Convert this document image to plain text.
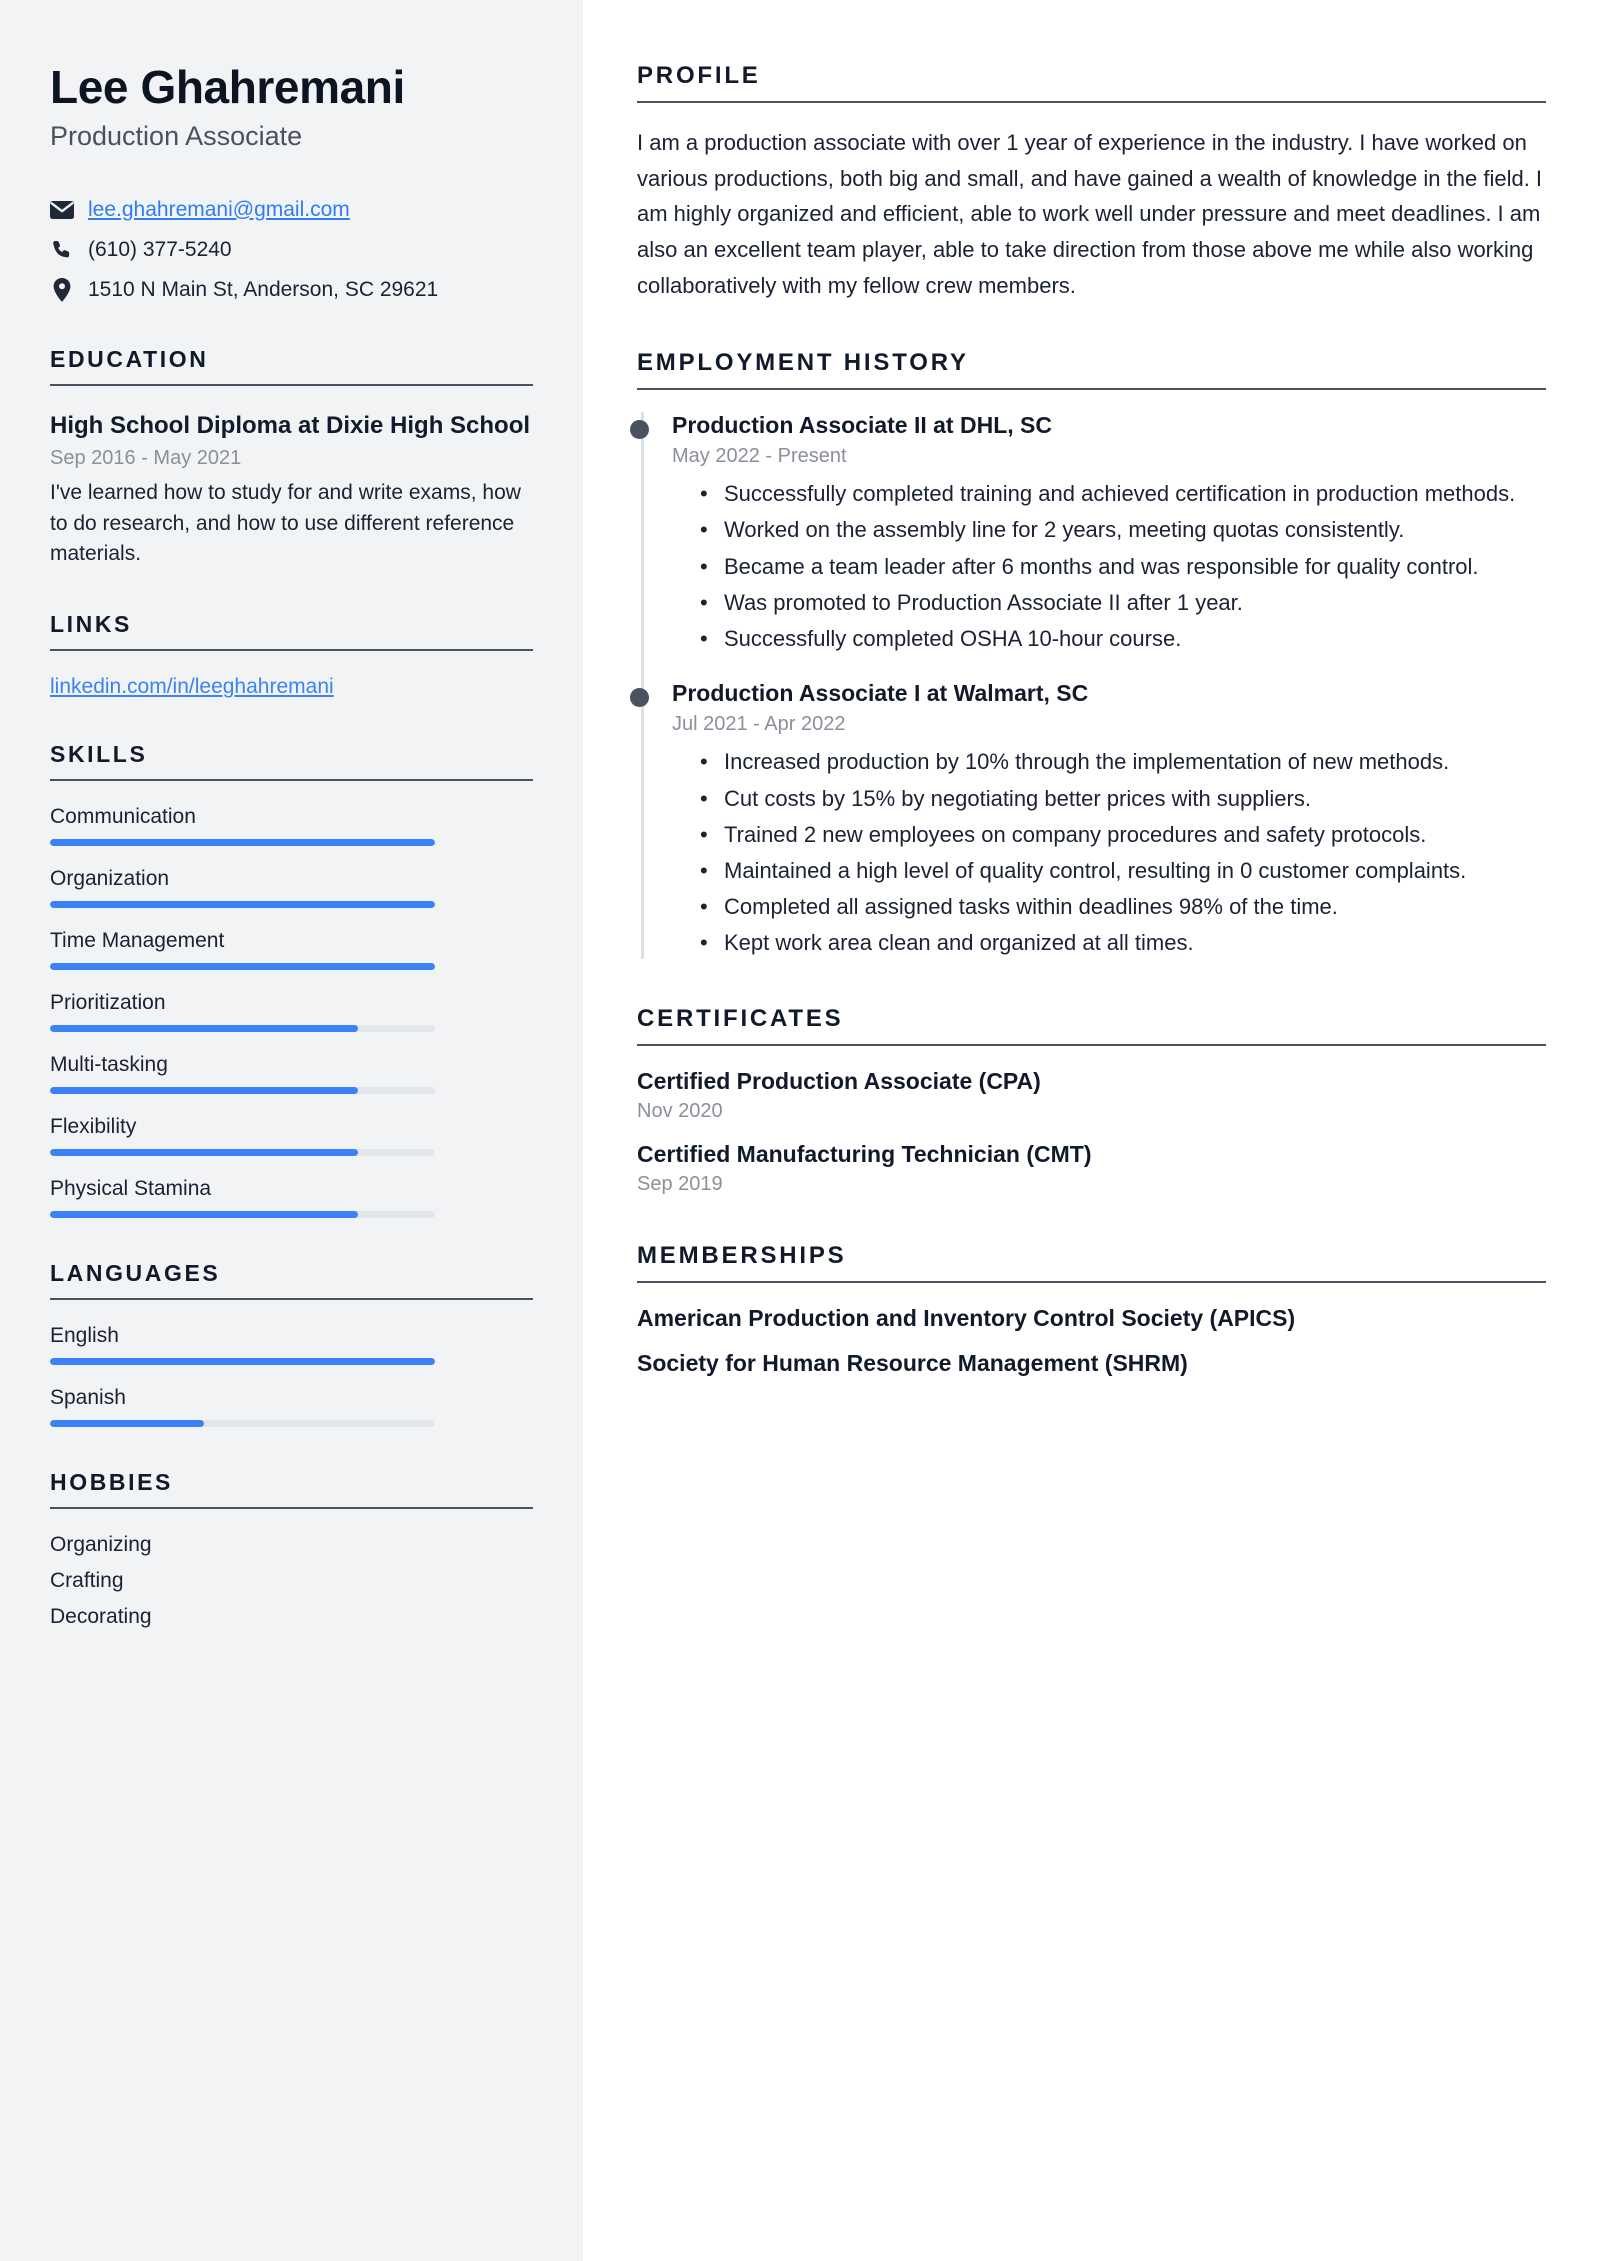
Lee Ghahremani
Production Associate
lee.ghahremani@gmail.com
(610) 377-5240
1510 N Main St, Anderson, SC 29621
EDUCATION
High School Diploma at Dixie High School
Sep 2016 - May 2021
I've learned how to study for and write exams, how to do research, and how to use different reference materials.
LINKS
linkedin.com/in/leeghahremani
SKILLS
Communication
Organization
Time Management
Prioritization
Multi-tasking
Flexibility
Physical Stamina
LANGUAGES
English
Spanish
HOBBIES
Organizing
Crafting
Decorating
PROFILE

I am a production associate with over 1 year of experience in the industry. I have worked on various productions, both big and small, and have gained a wealth of knowledge in the field. I am highly organized and efficient, able to work well under pressure and meet deadlines. I am also an excellent team player, able to take direction from those above me while also working collaboratively with my fellow crew members.

EMPLOYMENT HISTORY
Production Associate II at DHL, SC
May 2022 - Present
• Successfully completed training and achieved certification in production methods.
• Worked on the assembly line for 2 years, meeting quotas consistently.
• Became a team leader after 6 months and was responsible for quality control.
• Was promoted to Production Associate II after 1 year.
• Successfully completed OSHA 10-hour course.
Production Associate I at Walmart, SC
Jul 2021 - Apr 2022
• Increased production by 10% through the implementation of new methods.
• Cut costs by 15% by negotiating better prices with suppliers.
• Trained 2 new employees on company procedures and safety protocols.
• Maintained a high level of quality control, resulting in 0 customer complaints.
• Completed all assigned tasks within deadlines 98% of the time.
• Kept work area clean and organized at all times.
CERTIFICATES
Certified Production Associate (CPA)
Nov 2020
Certified Manufacturing Technician (CMT)
Sep 2019
MEMBERSHIPS
American Production and Inventory Control Society (APICS)
Society for Human Resource Management (SHRM)
